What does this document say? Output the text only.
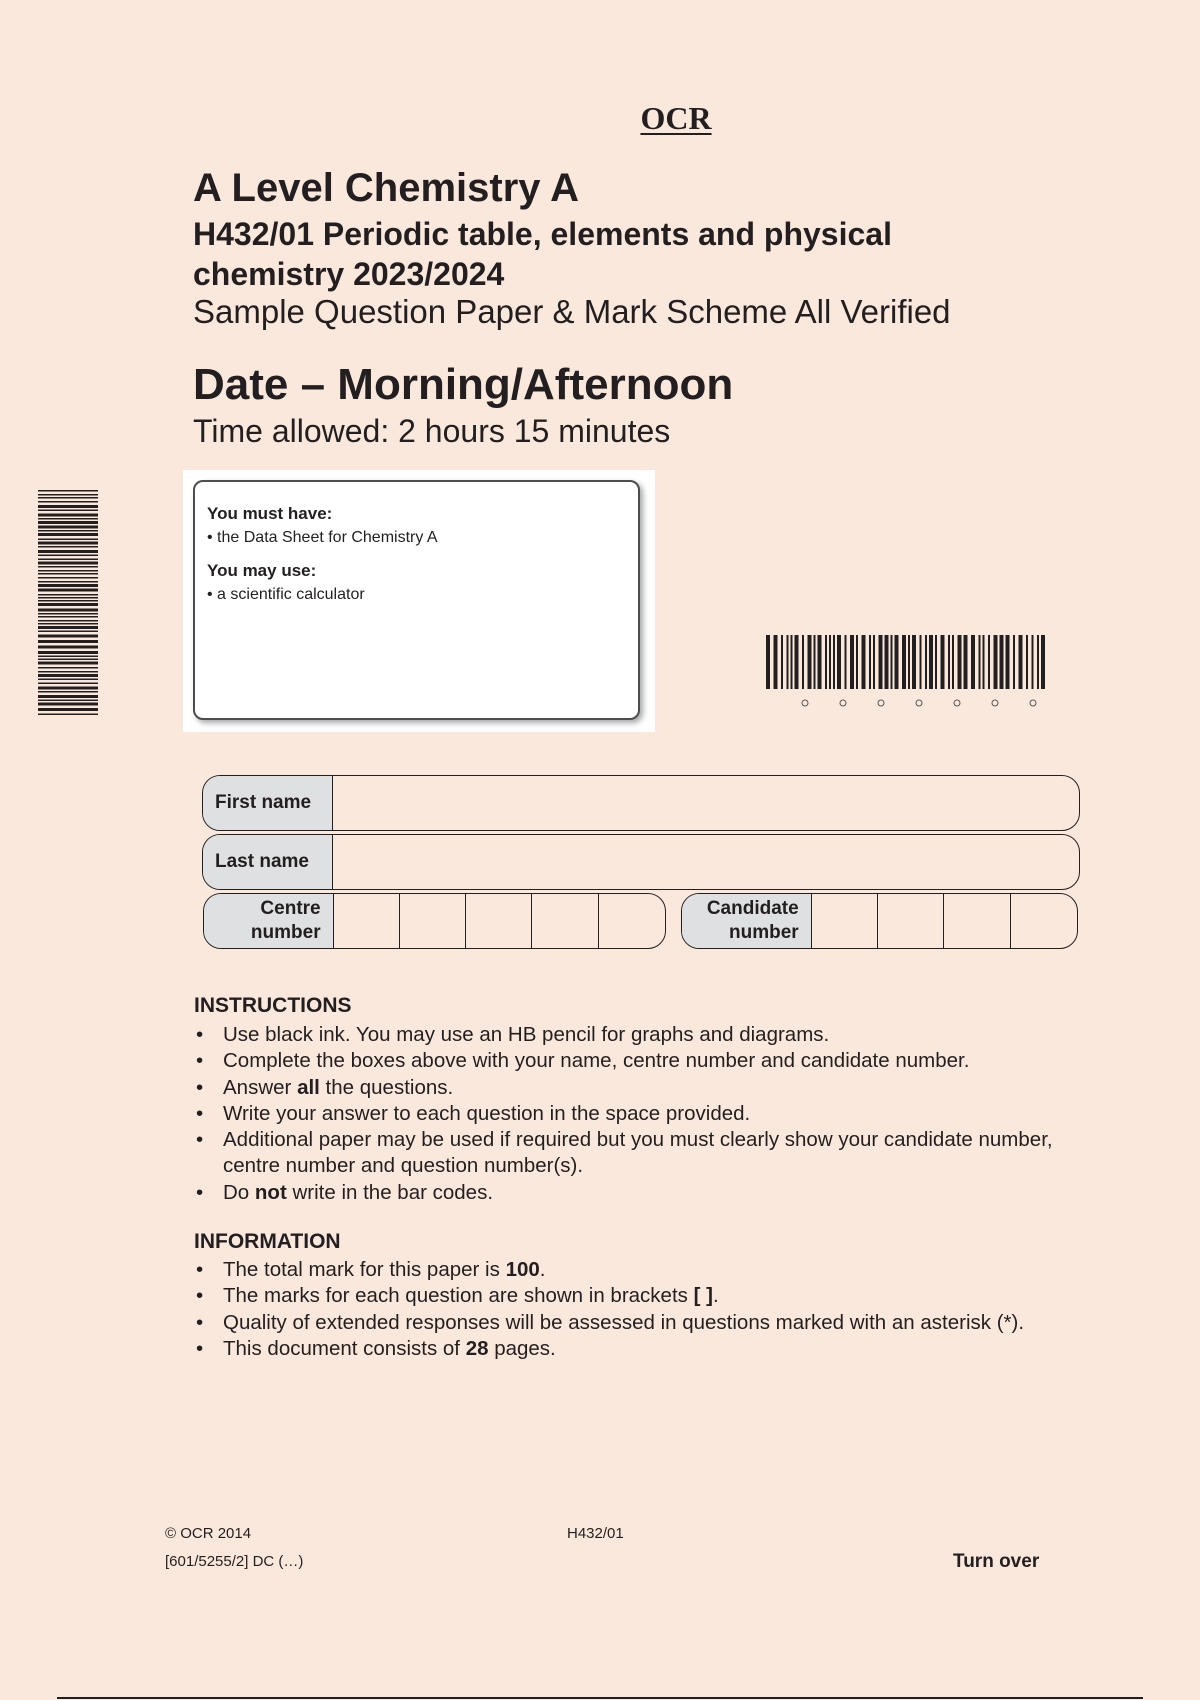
OCR
A Level Chemistry A
H432/01 Periodic table, elements and physical chemistry 2023/2024
Sample Question Paper & Mark Scheme All Verified
Date – Morning/Afternoon
Time allowed: 2 hours 15 minutes
You must have:
• the Data Sheet for Chemistry A
You may use:
• a scientific calculator
First name
Last name
Centre number
Candidate number
INSTRUCTIONS
• Use black ink. You may use an HB pencil for graphs and diagrams.
• Complete the boxes above with your name, centre number and candidate number.
• Answer all the questions.
• Write your answer to each question in the space provided.
• Additional paper may be used if required but you must clearly show your candidate number, centre number and question number(s).
• Do not write in the bar codes.
INFORMATION
• The total mark for this paper is 100.
• The marks for each question are shown in brackets [ ].
• Quality of extended responses will be assessed in questions marked with an asterisk (*).
• This document consists of 28 pages.
© OCR 2014
[601/5255/2] DC (…)
H432/01
Turn over
